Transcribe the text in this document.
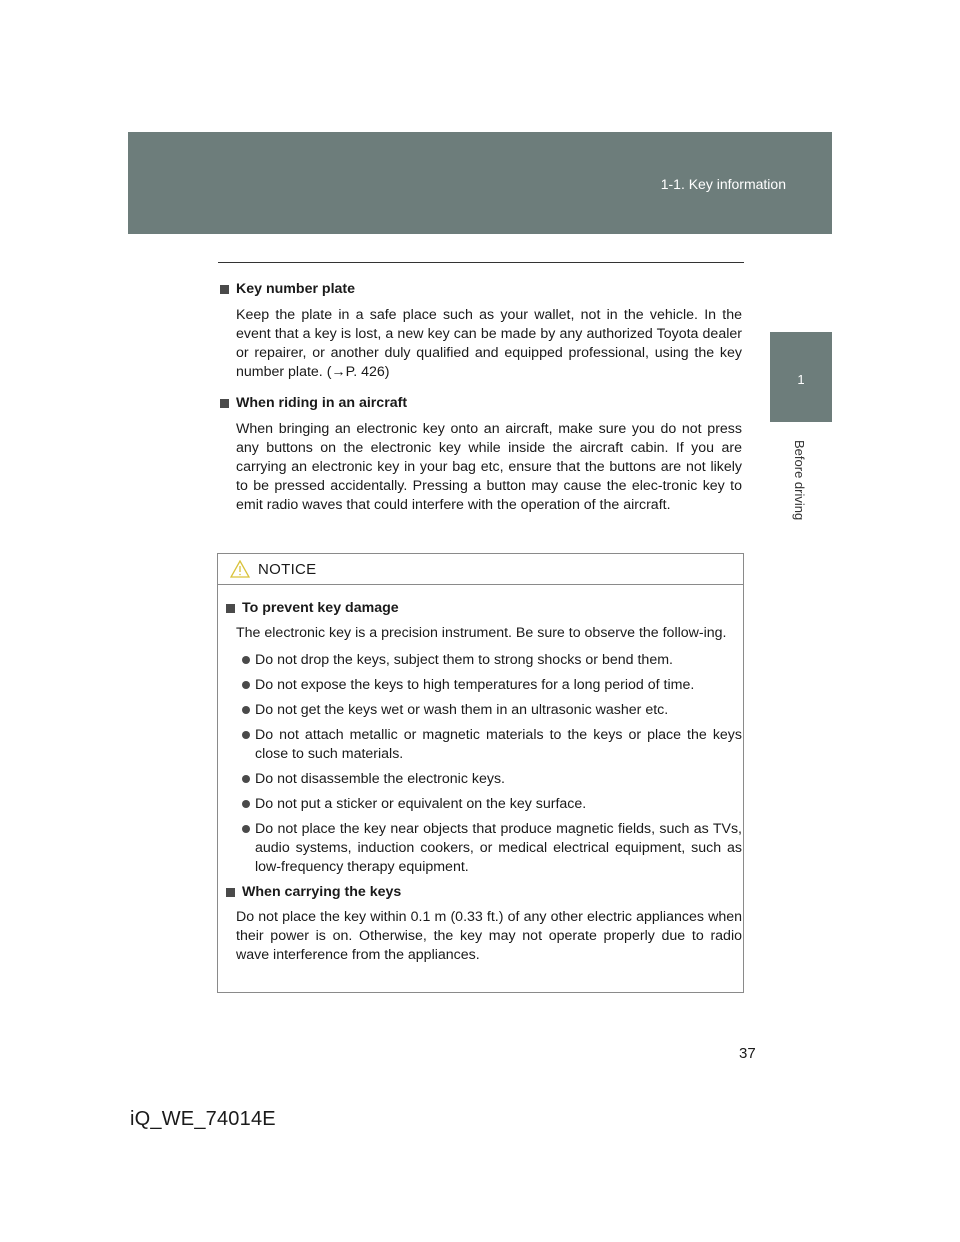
1-1. Key information
1
Before driving

Key number plate

Keep the plate in a safe place such as your wallet, not in the vehicle. In the event that a key is lost, a new key can be made by any authorized Toyota dealer or repairer, or another duly qualified and equipped professional, using the key number plate. (→P. 426)

When riding in an aircraft

When bringing an electronic key onto an aircraft, make sure you do not press any buttons on the electronic key while inside the aircraft cabin. If you are carrying an electronic key in your bag etc, ensure that the buttons are not likely to be pressed accidentally. Pressing a button may cause the elec-tronic key to emit radio waves that could interfere with the operation of the aircraft.

NOTICE

To prevent key damage

The electronic key is a precision instrument. Be sure to observe the follow-ing.

Do not drop the keys, subject them to strong shocks or bend them.
Do not expose the keys to high temperatures for a long period of time.
Do not get the keys wet or wash them in an ultrasonic washer etc.
Do not attach metallic or magnetic materials to the keys or place the keys close to such materials.
Do not disassemble the electronic keys.
Do not put a sticker or equivalent on the key surface.
Do not place the key near objects that produce magnetic fields, such as TVs, audio systems, induction cookers, or medical electrical equipment, such as low-frequency therapy equipment.

When carrying the keys

Do not place the key within 0.1 m (0.33 ft.) of any other electric appliances when their power is on. Otherwise, the key may not operate properly due to radio wave interference from the appliances.

37
iQ_WE_74014E
